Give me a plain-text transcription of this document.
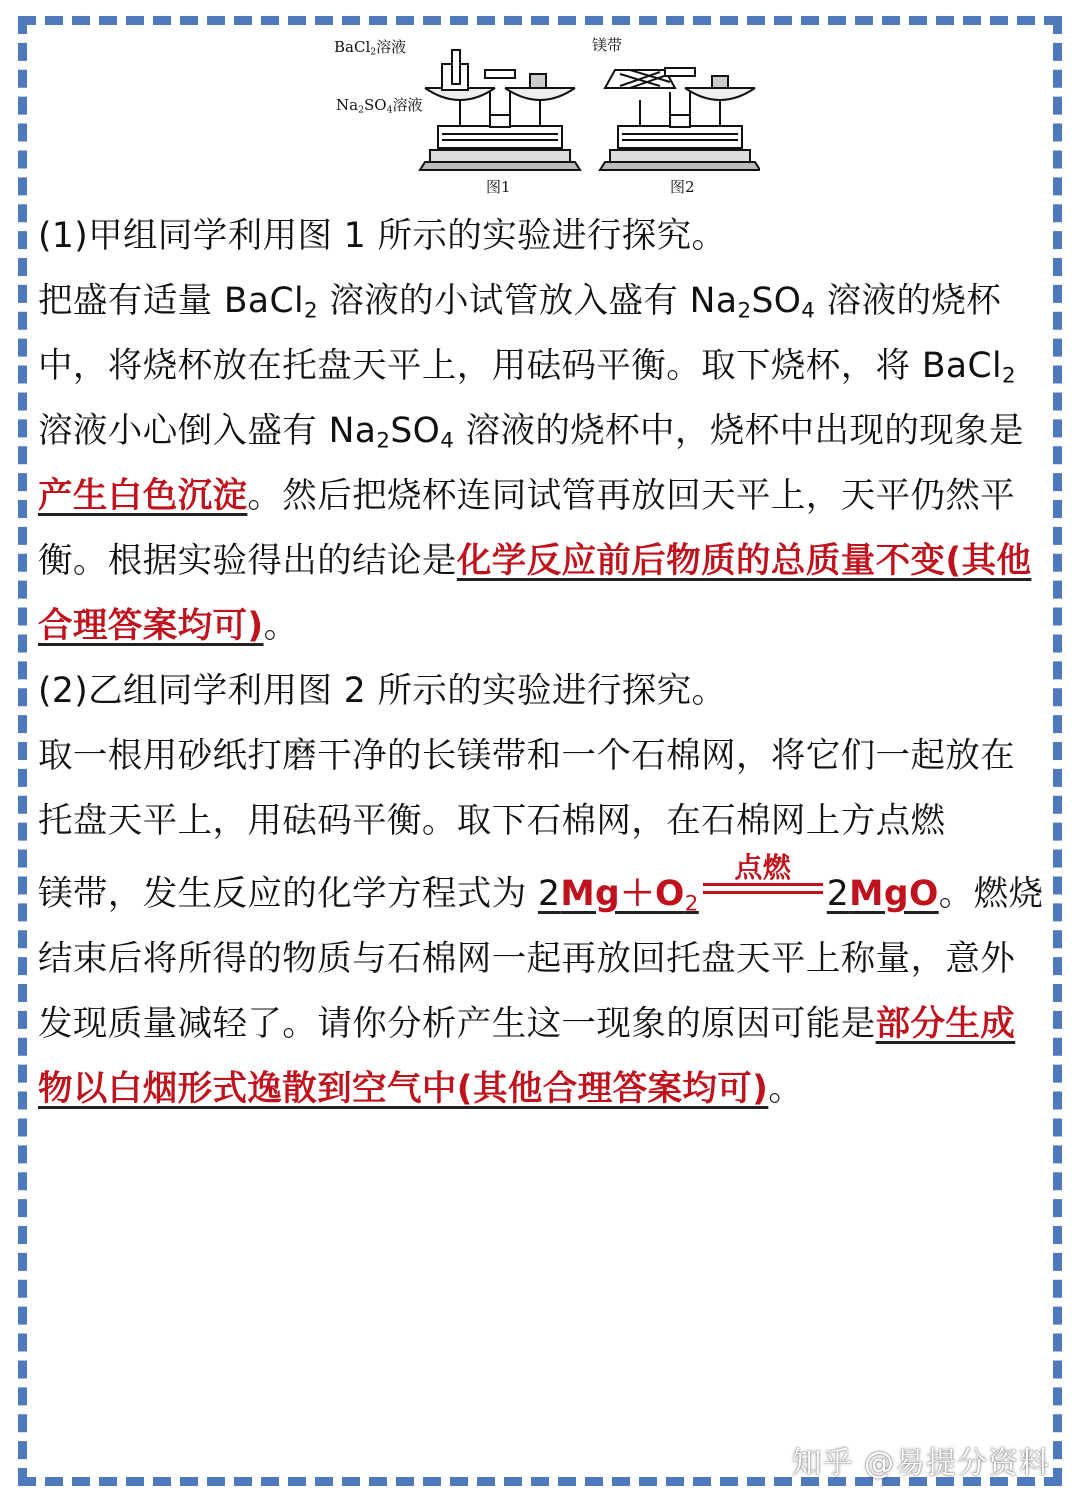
BaCl$_2$溶液
$Na_2SO_4$溶液
镁带
图1	图2

(1)甲组同学利用图 1 所示的实验进行探究。

把盛有适量 BaCl$_2$ 溶液的小试管放入盛有 $Na_2SO_4$ 溶液的烧杯中，将烧杯放在托盘天平上，用砝码平衡。取下烧杯，将 BaCl$_2$ 溶液小心倒入盛有 $Na_2SO_4$ 溶液的烧杯中，烧杯中出现的现象是产生白色沉淀。然后把烧杯连同试管再放回天平上，天平仍然平衡。根据实验得出的结论是化学反应前后物质的总质量不变(其他合理答案均可)。

(2)乙组同学利用图 2 所示的实验进行探究。

取一根用砂纸打磨干净的长镁带和一个石棉网，将它们一起放在托盘天平上，用砝码平衡。取下石棉网，在石棉网上方点燃

镁带，发生反应的化学方程式为 $2Mg+O_2$
点燃
2MgO。燃烧结束后将所得的物质与石棉网一起再放回托盘天平上称量，意外发现质量减轻了。请你分析产生这一现象的原因可能是部分生成物以白烟形式逸散到空气中(其他合理答案均可)。

知乎 @易提分资料
